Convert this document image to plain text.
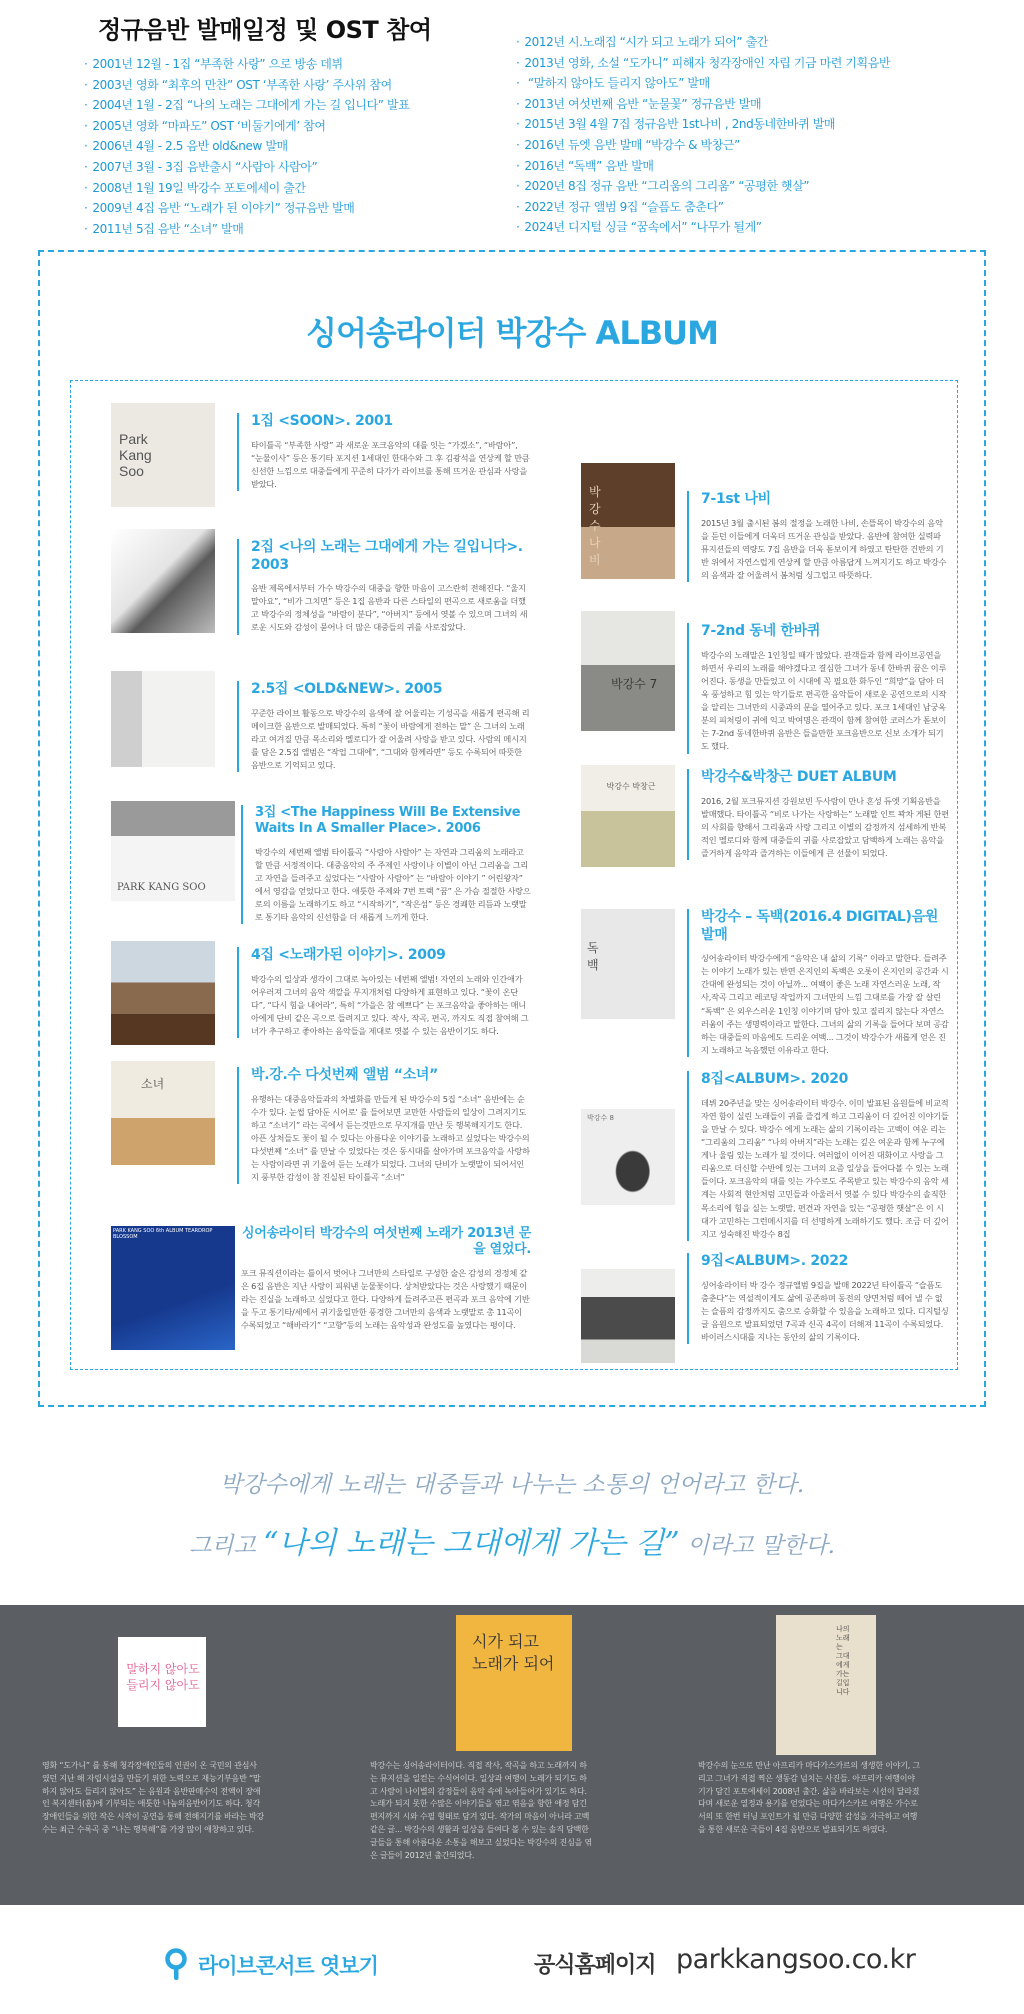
정규음반 발매일정 및 OST 참여
· 2001년 12월 - 1집 “부족한 사랑” 으로 방송 데뷔
· 2003년 영화 “최후의 만찬” OST ‘부족한 사랑’ 주사위 참여
· 2004년 1월 - 2집 “나의 노래는 그대에게 가는 길 입니다” 발표
· 2005년 영화 “마파도” OST ‘비둘기에게’ 참여
· 2006년 4월 - 2.5 음반 old&new 발매
· 2007년 3월 - 3집 음반출시 “사람아 사람아”
· 2008년 1월 19일 박강수 포토에세이 출간
· 2009년 4집 음반 “노래가 된 이야기” 정규음반 발매
· 2011년 5집 음반 “소녀” 발매
· 2012년 시.노래집 “시가 되고 노래가 되어” 출간
· 2013년 영화, 소설 “도가니” 피해자 청각장애인 자립 기금 마련 기획음반
· “말하지 않아도 들리지 않아도” 발매
· 2013년 여섯번째 음반 “눈물꽃” 정규음반 발매
· 2015년 3월 4월 7집 정규음반 1st나비 , 2nd동네한바퀴 발매
· 2016년 듀엣 음반 발매 “박강수 & 박창근”
· 2016년 “독백” 음반 발매
· 2020년 8집 정규 음반 “그리움의 그리움” “공평한 햇살”
· 2022년 정규 앨범 9집 “슬픔도 춤춘다”
· 2024년 디지털 싱글 “꿈속에서” “나무가 될게”
싱어송라이터 박강수 ALBUM
Park Kang Soo
1집 <SOON>. 2001
타이틀곡 “부족한 사랑” 과 새로운 포크음악의 대를 잇는 “가겠소”, “바람아”, “눈물이사” 등은 통기타 포지션 1세대인 한대수와 그 후 김광석을 연상케 할 만큼 신선한 느낌으로 대중들에게 꾸준히 다가가 라이브를 통해 뜨거운 관심과 사랑을 받았다.
2집 <나의 노래는 그대에게 가는 길입니다>. 2003
음반 제목에서부터 가수 박강수의 대중을 향한 마음이 고스란히 전해진다. “울지 말아요”, “비가 그치면” 등은 1집 음반과 다른 스타일의 편곡으로 새로움을 더했고 박강수의 정체성을 “바람이 분다”, “아버지” 등에서 엿볼 수 있으며 그녀의 새로운 시도와 감성이 묻어나 더 많은 대중들의 귀를 사로잡았다.
2.5집 <OLD&NEW>. 2005
꾸준한 라이브 활동으로 박강수의 음색에 잘 어울리는 기성곡을 새롭게 편곡해 리메이크한 음반으로 발매되었다. 특히 “꽃이 바람에게 전하는 말” 은 그녀의 노래라고 여겨질 만큼 목소리와 멜로디가 잘 어울려 사랑을 받고 있다. 사람의 메시지를 담은 2.5집 앨범은 “작업 그대에”, “그대와 함께라면” 등도 수록되어 따뜻한 음반으로 기억되고 있다.
PARK KANG SOO
3집 <The Happiness Will Be Extensive Waits In A Smaller Place>. 2006
박강수의 세번째 앨범 타이틀곡 “사람아 사람아” 는 자연과 그리움의 노래라고 할 만큼 서정적이다. 대중음악의 주 주제인 사랑이나 이별이 아닌 그리움을 그리고 자연을 들려주고 싶었다는 “사람아 사람아” 는 “바람아 이야기 ” 어린왕자” 에서 영감을 얻었다고 한다. 애틋한 주제와 7번 트랙 “꿈” 은 가슴 절절한 사랑으로의 이름을 노래하기도 하고 “시작하기”, “작은섬” 등은 경쾌한 리듬과 노랫말로 통기타 음악의 신선함을 더 새롭게 느끼게 한다.
4집 <노래가된 이야기>. 2009
박강수의 일상과 생각이 그대로 녹아있는 네번째 앨범! 자연의 노래와 인간애가 어우러져 그녀의 음악 색깔을 무지개처럼 다양하게 표현하고 있다. “꽃이 온단다”, “다시 힘을 내어라”, 특히 “가을은 참 예쁘다” 는 포크음악을 좋아하는 매니아에게 단비 같은 곡으로 들려지고 있다. 작사, 작곡, 편곡, 까지도 직접 참여해 그녀가 추구하고 좋아하는 음악들을 제대로 엿볼 수 있는 음반이기도 하다.
소녀
박.강.수 다섯번째 앨범 “소녀”
유행하는 대중음악들과의 차별화를 만들게 된 박강수의 5집 “소녀” 음반에는 순수가 있다. 눈썹 담아둔 시어로' 를 들어보면 교만한 사람들의 일상이 그려지기도 하고 “소녀기” 라는 곡에서 듣는것만으로 무지개를 만난 듯 행복해지기도 한다. 아픈 상처들도 꽃이 될 수 있다는 아름다운 이야기를 노래하고 싶었다는 박강수의 다섯번째 “소녀” 를 만날 수 있었다는 것은 동시대를 살아가며 포크음악을 사랑하는 사람이라면 귀 기울여 듣는 노래가 되었다. 그녀의 단비가 노랫말이 되어서인지 풍부한 감성이 참 진실된 타이틀곡 “소녀”
PARK KANG SOO 6th ALBUM TEARDROP BLOSSOM	싱어송라이터 박강수의 여섯번째 노래가 2013년 문을 열었다.
포크 뮤직션이라는 틀이서 벗어나 그녀만의 스타일로 구성한 술은 감성의 경정체 같은 6집 음반은 지난 사랑이 피워낸 눈물꽃이다. 상처받았다는 것은 사랑했기 때문이라는 진실을 노래하고 싶었다고 한다. 다양하게 들려주고픈 편곡과 포크 음악에 기반을 두고 통기타/세에서 귀기울일만한 풍경한 그녀만의 음색과 노랫말로 총 11곡이 수록되었고 “해바라기” “고향”등의 노래는 음악성과 완성도를 높였다는 평이다.
박강수 나비
7-1st 나비
2015년 3월 출시된 봄의 절정을 노래한 나비, 손뜰목이 박강수의 음악을 듣던 이들에게 더욱더 뜨거운 관심을 받았다. 음반에 참여한 실력파 뮤지션들의 역량도 7집 음반을 더욱 돋보이게 하였고 탄탄한 건반의 기반 위에서 자연스럽게 연상케 할 만큼 아름답게 느껴지기도 하고 박강수의 음색과 잘 어울려서 봄처럼 싱그럽고 따뜻하다.
박강수 7
7-2nd 동네 한바퀴
박강수의 노래말은 1인칭일 때가 많았다. 관객들과 함께 라이브공연을 하면서 우리의 노래를 해야겠다고 결심한 그녀가 동네 한바퀴 꿈은 이루어진다. 동생을 만들었고 이 시대에 꼭 필요한 화두인 “희망”을 담아 더욱 풍성하고 힘 있는 악기들로 편곡한 음악들이 새로운 공연으로의 시작을 알리는 그녀만의 시중과의 문을 열어주고 있다. 포크 1세대인 남궁옥분의 피처링이 귀에 익고 박여명은 관객이 함께 참여한 코러스가 돋보이는 7-2nd 동네한바퀴 음반은 들을만한 포크음반으로 신보 소개가 되기도 했다.
박강수 박창근
박강수&박창근 DUET ALBUM
2016, 2월 포크뮤지션 강원보빈 두사람이 만나 혼성 듀엣 기획음반을 발매했다. 타이틀곡 “비로 나가는 사랑하는” 노래말 인트 꽉차 게된 한편의 사회를 향해서 그리움과 사랑 그리고 이별의 감정까지 섬세하게 반복적인 멜로디와 함께 대중들의 귀를 사로잡았고 담백하게 노래는 음악을 즐거하게 음악과 즐겨하는 이들에게 큰 선물이 되었다.
독백
박강수 – 독백(2016.4 DIGITAL)음원발매
싱어송라이터 박강수에게 “음악은 내 삶의 기록” 이라고 말한다. 들려주는 이야기 노래가 있는 반면 온지인의 독백은 오롯이 온지인의 공간과 시간대에 완성되는 것이 아닐까... 여백이 좋은 노래 자연스러운 노래, 작사,작곡 그리고 레코딩 작업까지 그녀만의 느낌 그대로를 가장 잘 살린 “독백” 은 외우스러운 1인칭 이야기며 담아 있고 질리지 않는다 자연스러움이 주는 생명력이라고 말한다. 그녀의 삶의 기록을 들어다 보며 공감하는 대중들의 마음에도 드리운 여백... 그것이 박강수가 새롭게 얻은 진지 노래하고 녹음했던 이유라고 한다.
박강수 8
8집<ALBUM>. 2020
데뷔 20주년을 맞는 싱어송라이터 박강수. 이미 발표된 음원들에 비교적자연 함이 실린 노래들이 귀를 즐겁게 하고 그리움이 더 깊어진 이야기들을 만날 수 있다. 박강수 에게 노래는 삶의 기록이라는 고백이 여운 리는 “그리움의 그리움” “나의 아버지”라는 노래는 깊은 여운과 함께 누구에게나 울림 있는 노래가 될 것이다. 여러없이 이어진 대화이고 사랑을 그리움으로 더신할 수반에 있는 그녀의 요즘 일상을 들어다볼 수 있는 노래들이다. 포크음악의 대를 잇는 가수로도 주목받고 있는 박강수의 음악 세계는 사회적 현안처럼 고민들과 아울러서 엿볼 수 있다 박강수의 솔직한 목소리에 힘을 실는 노랫말, 편견과 자연을 있는 “공평한 햇살”은 이 시대가 고민하는 그런메시지를 더 선명하게 노래하기도 했다. 조금 더 깊어지고 성숙해진 박강수 8집
9집<ALBUM>. 2022
싱어송라이터 박 강수 정규앨범 9집을 발매 2022년 타이틀곡 “슬픔도 춤춘다”는 역설적이게도 삶에 공존하며 동전의 양면처럼 떼어 낼 수 없는 슬픔의 감정까지도 춤으로 승화할 수 있음을 노래하고 있다. 디지털싱글 음원으로 발표되었던 7곡과 신곡 4곡이 더해져 11곡이 수록되었다. 바이러스시대를 지나는 동안의 삶의 기록이다.

박강수에게 노래는 대중들과 나누는 소통의 언어라고 한다.

그리고 “나의 노래는 그대에게 가는 길” 이라고 말한다.

말하지 않아도 들리지 않아도
시가 되고 노래가 되어
나의 노래는 그대에게 가는 길입니다
영화 “도가니” 를 통해 청각장애인들의 인권이 온 국민의 관심사였던 지난 해 자립시설을 만들기 위한 노력으로 재능기부음반 “말하지 않아도 들리지 않아도” 는 음원과 음반판매수익 전액이 장애인 복지센터(홈)에 기부되는 애틋한 나눔의음반이기도 하다. 청각장애인들을 위한 작은 시작이 공연을 통해 전해지기를 바라는 박강수는 최근 수록곡 중 “나는 행복해”를 가장 많이 애창하고 있다.
박강수는 싱어송라이터이다. 직접 작사, 작곡을 하고 노래까지 하는 뮤지션을 일컫는 수식어이다. 일상과 여행이 노래가 되기도 하고 사람이 나이별의 감정들이 음악 속에 녹아들어가 있기도 하다. 노래가 되지 못한 수많은 이야기들을 엮고 엮음을 향한 애정 담긴 편지까지 시와 수필 형태로 담겨 있다. 작가의 마음이 아니라 고백같은 글... 박강수의 생활과 일상을 들여다 볼 수 있는 솔직 담백한 글들을 통해 아름다운 소통을 해보고 싶었다는 박강수의 진심을 엮은 글들이 2012년 출간되었다.
박강수의 눈으로 만난 아프리카 마다가스카르의 생생한 이야기, 그리고 그녀가 직접 찍은 생동감 넘치는 사진들. 아프리카 여행이야기가 담긴 포토에세이 2008년 출간. 삶을 바라보는 시선이 달라졌다며 새로운 열정과 용기를 얻었다는 마다가스카르 여행은 가수로서의 또 한번 터닝 포인트가 될 만큼 다양한 감성을 자극하고 여행을 통한 새로운 국들이 4집 음반으로 발표되기도 하였다.
라이브콘서트 엿보기	공식홈페이지 parkkangsoo.co.kr
